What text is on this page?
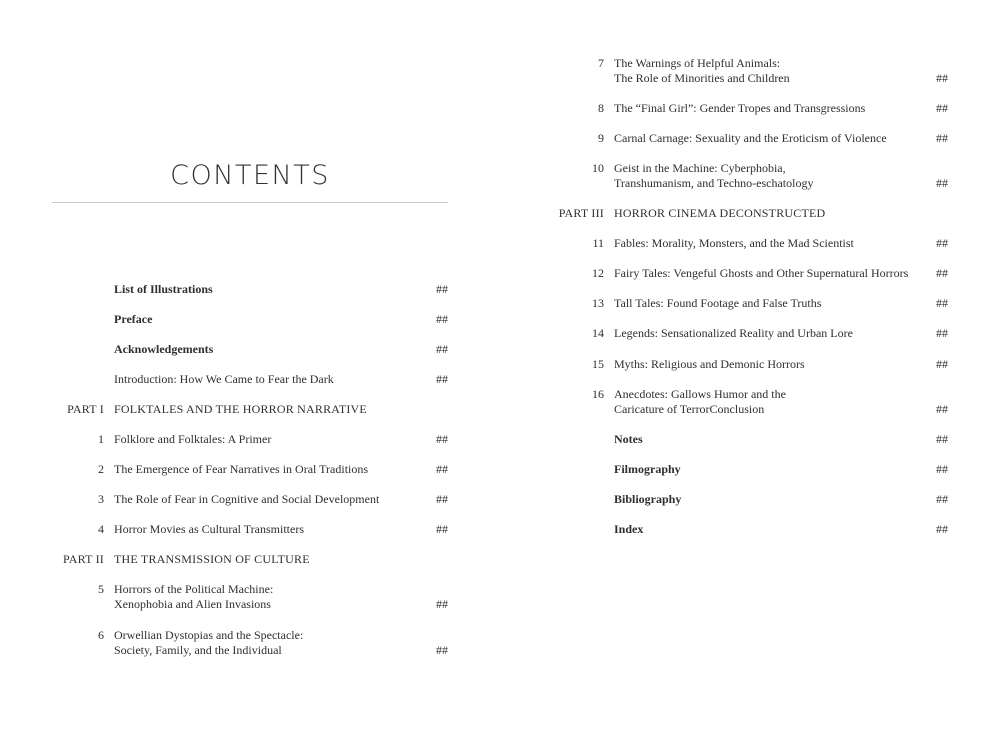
CONTENTS
List of Illustrations	##
Preface	##
Acknowledgements	##
Introduction: How We Came to Fear the Dark	##
PART I FOLKTALES AND THE HORROR NARRATIVE
1 Folklore and Folktales: A Primer	##
2 The Emergence of Fear Narratives in Oral Traditions	##
3 The Role of Fear in Cognitive and Social Development	##
4 Horror Movies as Cultural Transmitters	##
PART II THE TRANSMISSION OF CULTURE
5 Horrors of the Political Machine:
Xenophobia and Alien Invasions	##
6 Orwellian Dystopias and the Spectacle:
Society, Family, and the Individual	##
7 The Warnings of Helpful Animals:
The Role of Minorities and Children	##
8 The “Final Girl”: Gender Tropes and Transgressions	##
9 Carnal Carnage: Sexuality and the Eroticism of Violence	##
10 Geist in the Machine: Cyberphobia,
Transhumanism, and Techno-eschatology	##
PART III HORROR CINEMA DECONSTRUCTED
11 Fables: Morality, Monsters, and the Mad Scientist	##
12 Fairy Tales: Vengeful Ghosts and Other Supernatural Horrors	##
13 Tall Tales: Found Footage and False Truths	##
14 Legends: Sensationalized Reality and Urban Lore	##
15 Myths: Religious and Demonic Horrors	##
16 Anecdotes: Gallows Humor and the
Caricature of TerrorConclusion	##
Notes	##
Filmography	##
Bibliography	##
Index	##
